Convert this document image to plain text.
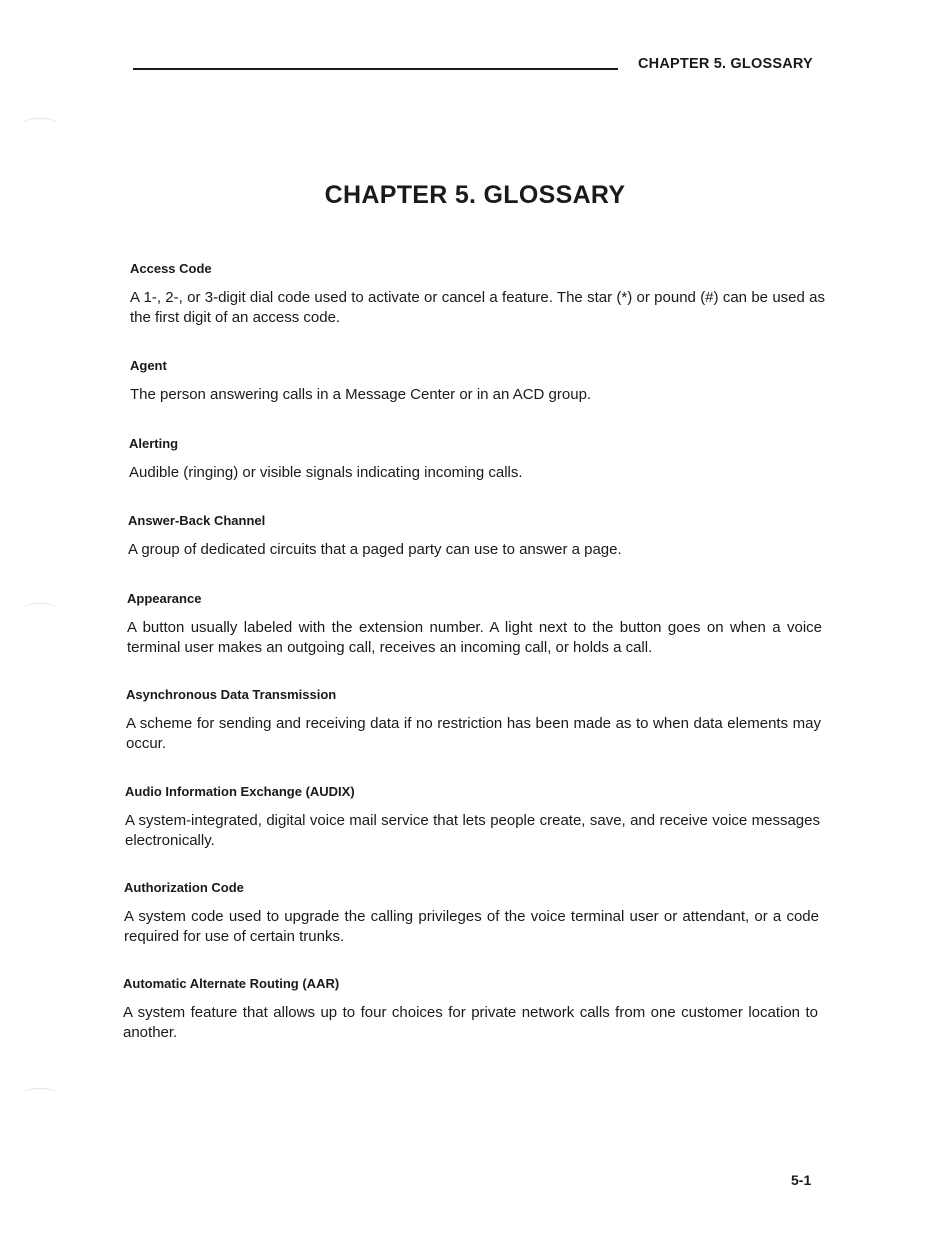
CHAPTER 5. GLOSSARY
CHAPTER 5. GLOSSARY
Access Code

A 1-, 2-, or 3-digit dial code used to activate or cancel a feature. The star (*) or pound (#) can be used as the first digit of an access code.

Agent

The person answering calls in a Message Center or in an ACD group.

Alerting

Audible (ringing) or visible signals indicating incoming calls.

Answer-Back Channel

A group of dedicated circuits that a paged party can use to answer a page.

Appearance

A button usually labeled with the extension number. A light next to the button goes on when a voice terminal user makes an outgoing call, receives an incoming call, or holds a call.

Asynchronous Data Transmission

A scheme for sending and receiving data if no restriction has been made as to when data elements may occur.

Audio Information Exchange (AUDIX)

A system-integrated, digital voice mail service that lets people create, save, and receive voice messages electronically.

Authorization Code

A system code used to upgrade the calling privileges of the voice terminal user or attendant, or a code required for use of certain trunks.

Automatic Alternate Routing (AAR)

A system feature that allows up to four choices for private network calls from one customer location to another.

5-1
